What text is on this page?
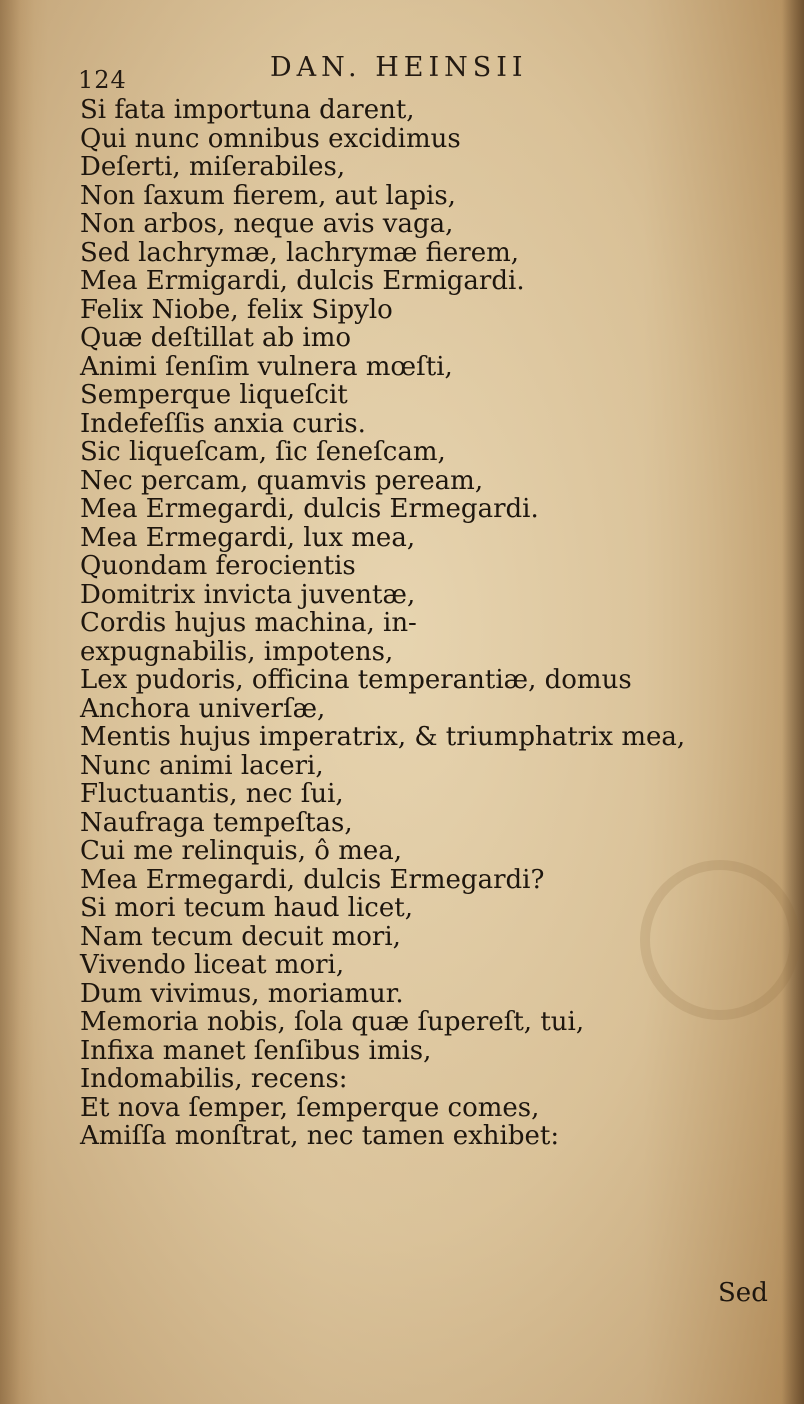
124	DAN. HEINSII
Si fata importuna darent,
Qui nunc omnibus excidimus
Deſerti, miſerabiles,
Non ſaxum fierem, aut lapis,
Non arbos, neque avis vaga,
Sed lachrymæ, lachrymæ fierem,
Mea Ermigardi, dulcis Ermigardi.
Felix Niobe, felix Sipylo
Quæ deſtillat ab imo
Animi ſenſim vulnera mœſti,
Semperque liqueſcit
Indefeſſis anxia curis.
Sic liqueſcam, ſic ſeneſcam,
Nec percam, quamvis peream,
Mea Ermegardi, dulcis Ermegardi.
Mea Ermegardi, lux mea,
Quondam ferocientis
Domitrix invicta juventæ,
Cordis hujus machina, in-
expugnabilis, impotens,
Lex pudoris, officina temperantiæ, domus
Anchora univerſæ,
Mentis hujus imperatrix, & triumphatrix mea,
Nunc animi laceri,
Fluctuantis, nec ſui,
Naufraga tempeſtas,
Cui me relinquis, ô mea,
Mea Ermegardi, dulcis Ermegardi?
Si mori tecum haud licet,
Nam tecum decuit mori,
Vivendo liceat mori,
Dum vivimus, moriamur.
Memoria nobis, ſola quæ ſupereſt, tui,
Infixa manet ſenſibus imis,
Indomabilis, recens:
Et nova ſemper, ſemperque comes,
Amiſſa monſtrat, nec tamen exhibet:
Sed
